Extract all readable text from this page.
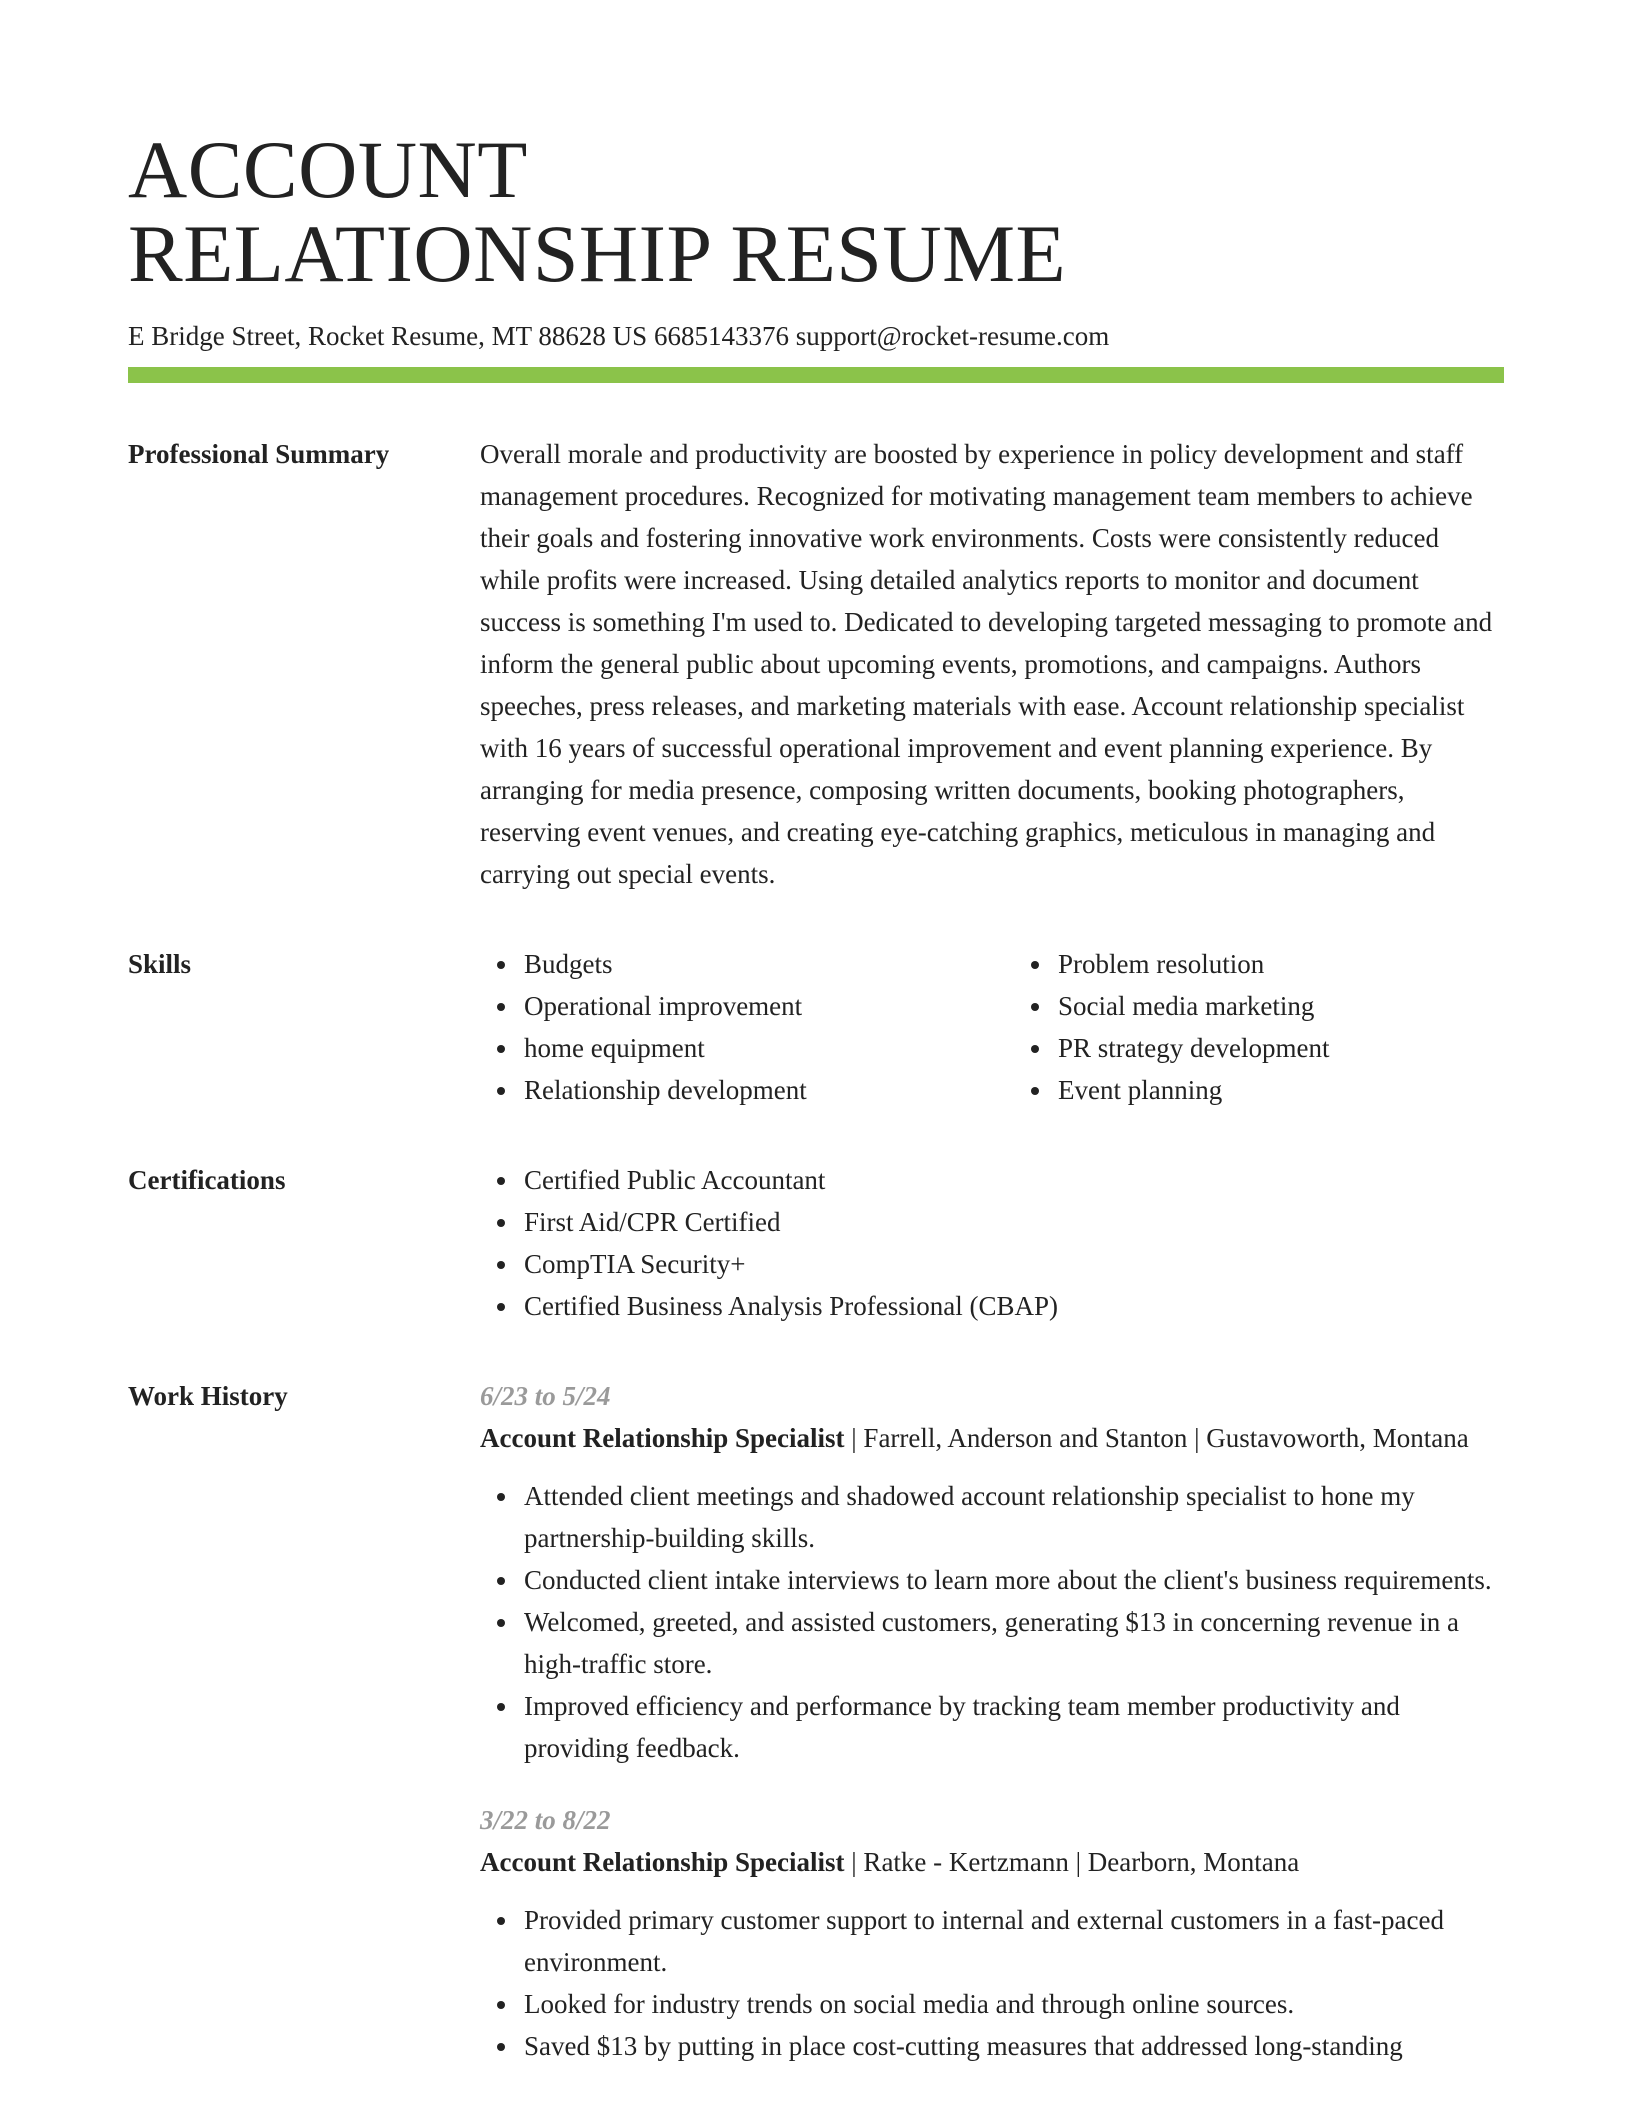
ACCOUNT
RELATIONSHIP RESUME
E Bridge Street, Rocket Resume, MT 88628 US 6685143376 support@rocket-resume.com
Professional Summary	Overall morale and productivity are boosted by experience in policy development and staff management procedures. Recognized for motivating management team members to achieve their goals and fostering innovative work environments. Costs were consistently reduced while profits were increased. Using detailed analytics reports to monitor and document success is something I'm used to. Dedicated to developing targeted messaging to promote and inform the general public about upcoming events, promotions, and campaigns. Authors speeches, press releases, and marketing materials with ease. Account relationship specialist with 16 years of successful operational improvement and event planning experience. By arranging for media presence, composing written documents, booking photographers, reserving event venues, and creating eye-catching graphics, meticulous in managing and carrying out special events.

Skills	Budgets
Operational improvement
home equipment
Relationship development
Problem resolution
Social media marketing
PR strategy development
Event planning
Certifications	Certified Public Accountant
First Aid/CPR Certified
CompTIA Security+
Certified Business Analysis Professional (CBAP)
Work History	6/23 to 5/24
Account Relationship Specialist | Farrell, Anderson and Stanton | Gustavoworth, Montana
Attended client meetings and shadowed account relationship specialist to hone my partnership-building skills.
Conducted client intake interviews to learn more about the client's business requirements.
Welcomed, greeted, and assisted customers, generating $13 in concerning revenue in a high-traffic store.
Improved efficiency and performance by tracking team member productivity and providing feedback.
3/22 to 8/22
Account Relationship Specialist | Ratke - Kertzmann | Dearborn, Montana
Provided primary customer support to internal and external customers in a fast-paced environment.
Looked for industry trends on social media and through online sources.
Saved $13 by putting in place cost-cutting measures that addressed long-standing
